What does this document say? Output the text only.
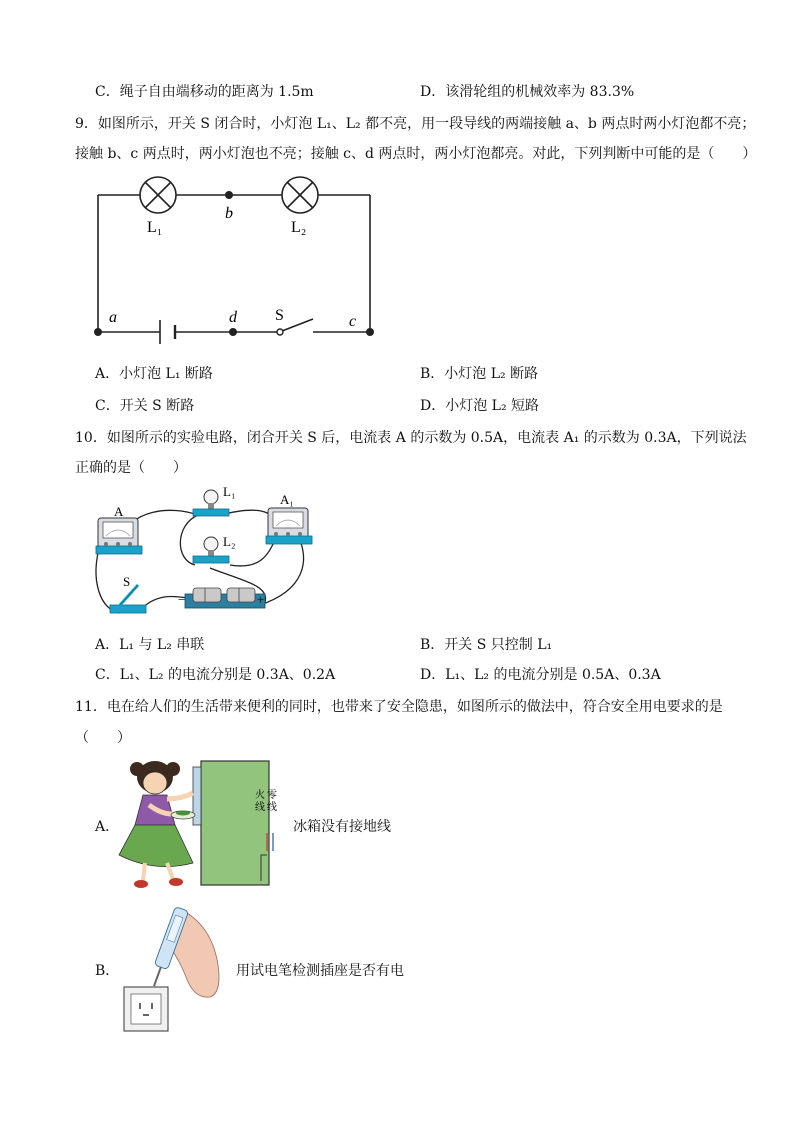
C．绳子自由端移动的距离为 1.5m	D．该滑轮组的机械效率为 83.3%
9．如图所示，开关 S 闭合时，小灯泡 L₁、L₂ 都不亮，用一段导线的两端接触 a、b 两点时两小灯泡都不亮；
接触 b、c 两点时，两小灯泡也不亮；接触 c、d 两点时，两小灯泡都亮。对此，下列判断中可能的是（　　）
L₁
b
L₂
a	d S	c
A．小灯泡 L₁ 断路	B．小灯泡 L₂ 断路
C．开关 S 断路	D．小灯泡 L₂ 短路
10．如图所示的实验电路，闭合开关 S 后，电流表 A 的示数为 0.5A，电流表 A₁ 的示数为 0.3A，下列说法
正确的是（　　）
A
A₁
L₁
L₂
S
−	+
A．L₁ 与 L₂ 串联	B．开关 S 只控制 L₁
C．L₁、L₂ 的电流分别是 0.3A、0.2A	D．L₁、L₂ 的电流分别是 0.5A、0.3A
11．电在给人们的生活带来便利的同时，也带来了安全隐患，如图所示的做法中，符合安全用电要求的是
（　　）
A．
火 零
线 线
冰箱没有接地线
B．	用试电笔检测插座是否有电
